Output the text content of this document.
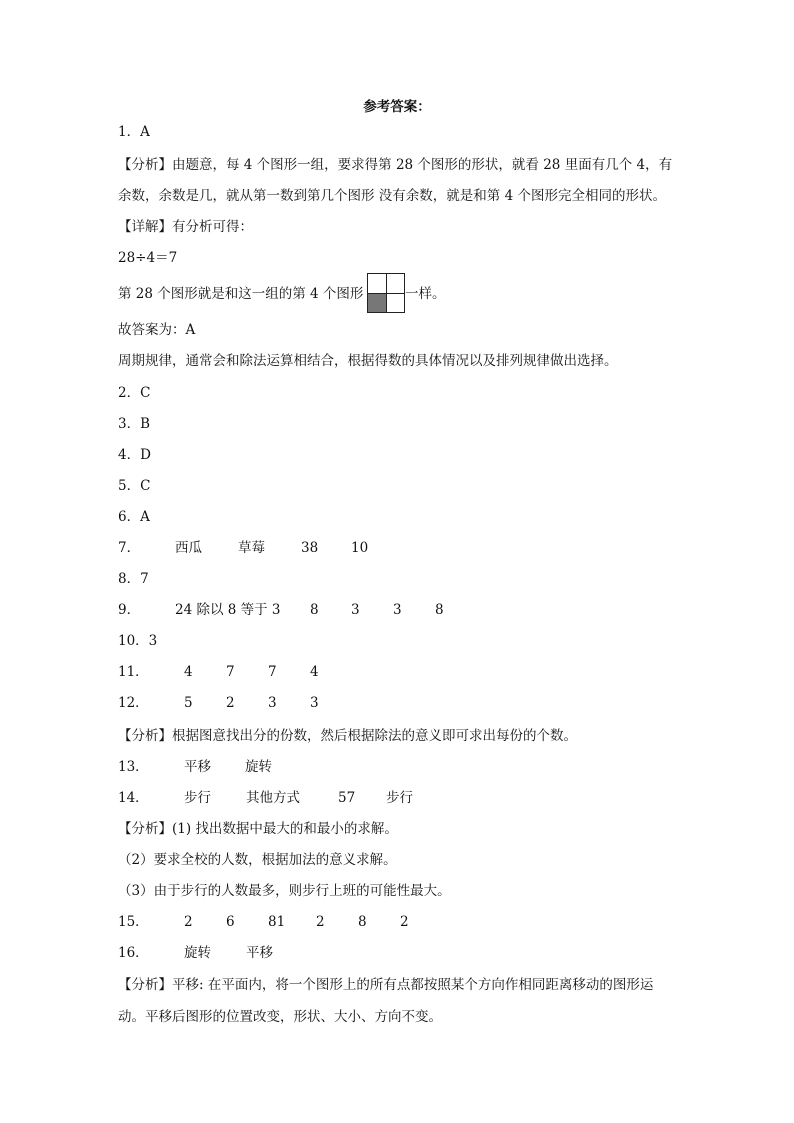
参考答案：
1．A
【分析】由题意，每 4 个图形一组，要求得第 28 个图形的形状，就看 28 里面有几个 4，有
余数，余数是几，就从第一数到第几个图形 没有余数，就是和第 4 个图形完全相同的形状。
【详解】有分析可得：
28÷4＝7
第 28 个图形就是和这一组的第 4 个图形	一样。
故答案为：A
周期规律，通常会和除法运算相结合，根据得数的具体情况以及排列规律做出选择。
2．C
3．B
4．D
5．C
6．A
7．	西瓜	草莓	38 10
8．7
9．	24 除以 8 等于 3 8 3 3 8
10．3
11．	4 7 7 4
12．	5 2 3 3
【分析】根据图意找出分的份数，然后根据除法的意义即可求出每份的个数。
13．	平移	旋转
14．	步行	其他方式	57 步行
【分析】(1) 找出数据中最大的和最小的求解。
（2）要求全校的人数，根据加法的意义求解。
（3）由于步行的人数最多，则步行上班的可能性最大。
15．	2 6 81 2 8 2
16．	旋转	平移
【分析】平移: 在平面内，将一个图形上的所有点都按照某个方向作相同距离移动的图形运
动。平移后图形的位置改变，形状、大小、方向不变。
